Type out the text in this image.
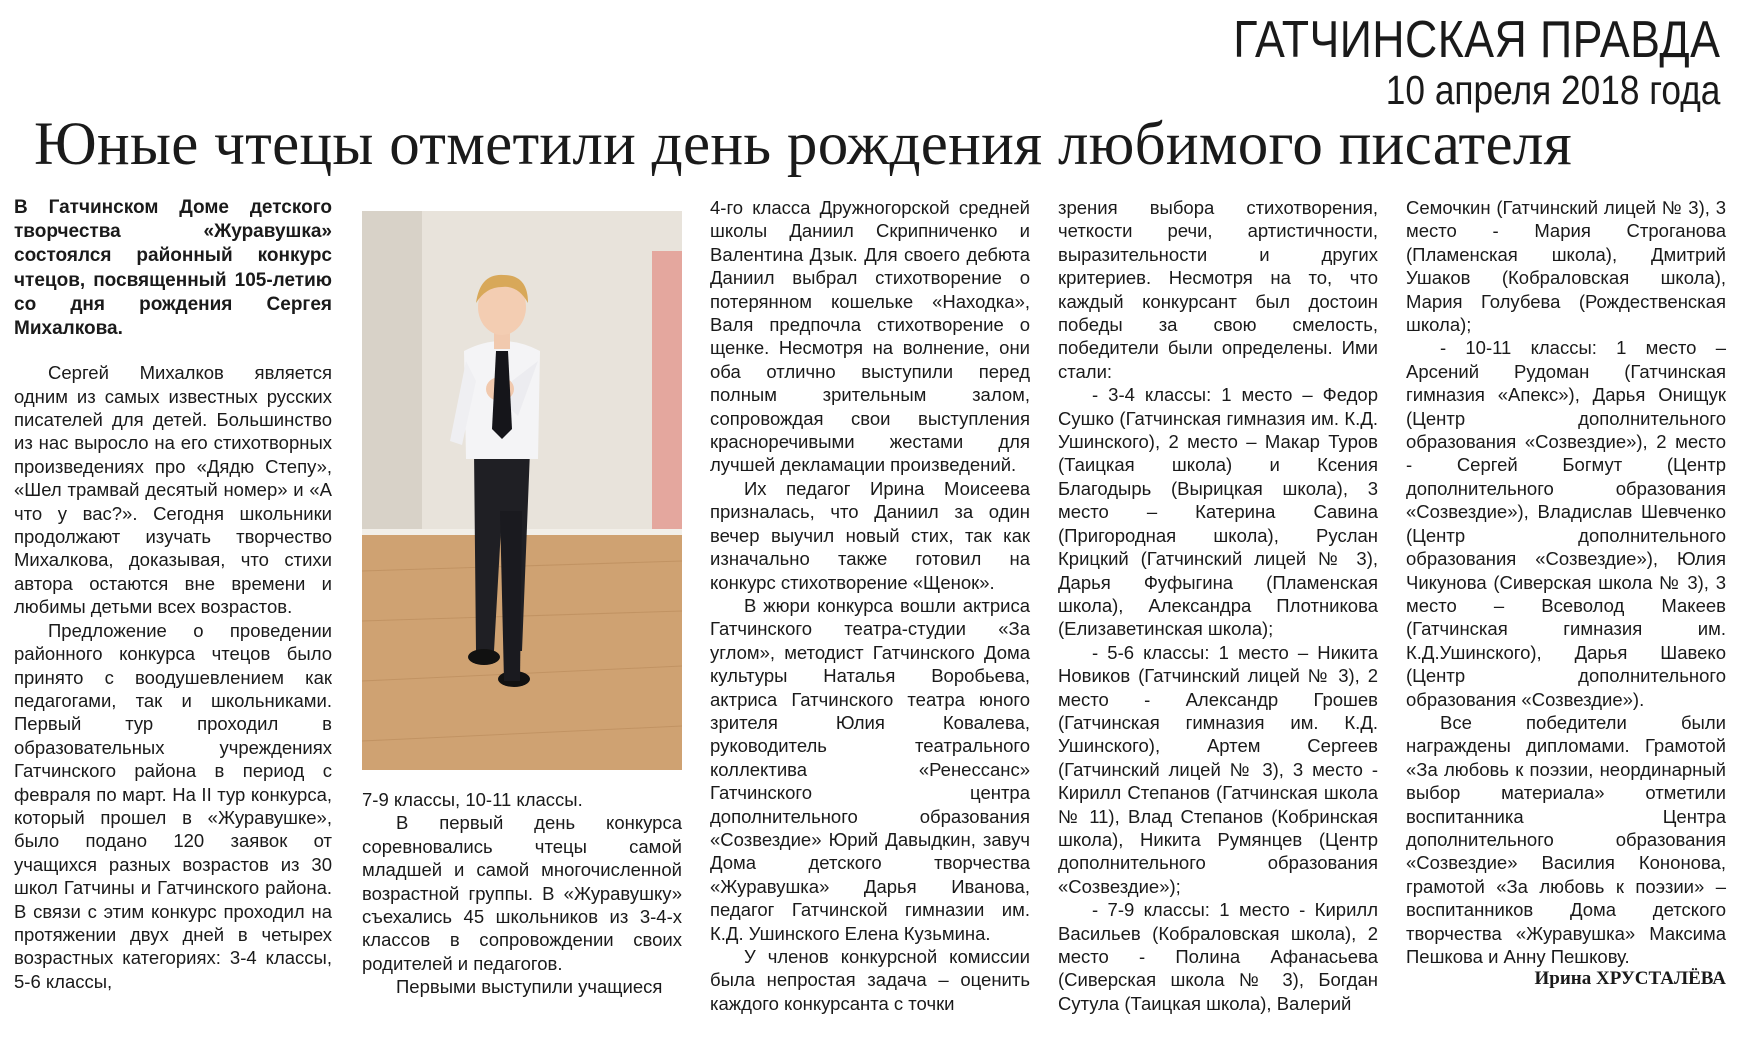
ГАТЧИНСКАЯ ПРАВДА
10 апреля 2018 года
Юные чтецы отметили день рождения любимого писателя

В Гатчинском Доме детского творчества «Журавушка» состоялся районный конкурс чтецов, посвященный 105-летию со дня рождения Сергея Михалкова.

Сергей Михалков является одним из самых известных русских писателей для детей. Большинство из нас выросло на его стихотворных произведениях про «Дядю Степу», «Шел трамвай десятый номер» и «А что у вас?». Сегодня школьники продолжают изучать творчество Михалкова, доказывая, что стихи автора остаются вне времени и любимы детьми всех возрастов.

Предложение о проведении районного конкурса чтецов было принято с воодушевлением как педагогами, так и школьниками. Первый тур проходил в образовательных учреждениях Гатчинского района в период с февраля по март. На II тур конкурса, который прошел в «Журавушке», было подано 120 заявок от учащихся разных возрастов из 30 школ Гатчины и Гатчинского района. В связи с этим конкурс проходил на протяжении двух дней в четырех возрастных категориях: 3-4 классы, 5-6 классы,

7-9 классы, 10-11 классы.

В первый день конкурса соревновались чтецы самой младшей и самой многочисленной возрастной группы. В «Журавушку» съехались 45 школьников из 3-4-х классов в сопровождении своих родителей и педагогов.

Первыми выступили учащиеся

4-го класса Дружногорской средней школы Даниил Скрипниченко и Валентина Дзык. Для своего дебюта Даниил выбрал стихотворение о потерянном кошельке «Находка», Валя предпочла стихотворение о щенке. Несмотря на волнение, они оба отлично выступили перед полным зрительным залом, сопровождая свои выступления красноречивыми жестами для лучшей декламации произведений.

Их педагог Ирина Моисеева призналась, что Даниил за один вечер выучил новый стих, так как изначально также готовил на конкурс стихотворение «Щенок».

В жюри конкурса вошли актриса Гатчинского театра-студии «За углом», методист Гатчинского Дома культуры Наталья Воробьева, актриса Гатчинского театра юного зрителя Юлия Ковалева, руководитель театрального коллектива «Ренессанс» Гатчинского центра дополнительного образования «Созвездие» Юрий Давыдкин, завуч Дома детского творчества «Журавушка» Дарья Иванова, педагог Гатчинской гимназии им. К.Д. Ушинского Елена Кузьмина.

У членов конкурсной комиссии была непростая задача – оценить каждого конкурсанта с точки

зрения выбора стихотворения, четкости речи, артистичности, выразительности и других критериев. Несмотря на то, что каждый конкурсант был достоин победы за свою смелость, победители были определены. Ими стали:

- 3-4 классы: 1 место – Федор Сушко (Гатчинская гимназия им. К.Д. Ушинского), 2 место – Макар Туров (Таицкая школа) и Ксения Благодырь (Вырицкая школа), 3 место – Катерина Савина (Пригородная школа), Руслан Крицкий (Гатчинский лицей № 3), Дарья Фуфыгина (Пламенская школа), Александра Плотникова (Елизаветинская школа);

- 5-6 классы: 1 место – Никита Новиков (Гатчинский лицей № 3), 2 место - Александр Грошев (Гатчинская гимназия им. К.Д. Ушинского), Артем Сергеев (Гатчинский лицей № 3), 3 место - Кирилл Степанов (Гатчинская школа № 11), Влад Степанов (Кобринская школа), Никита Румянцев (Центр дополнительного образования «Созвездие»);

- 7-9 классы: 1 место - Кирилл Васильев (Кобраловская школа), 2 место - Полина Афанасьева (Сиверская школа № 3), Богдан Сутула (Таицкая школа), Валерий

Семочкин (Гатчинский лицей № 3), 3 место - Мария Строганова (Пламенская школа), Дмитрий Ушаков (Кобраловская школа), Мария Голубева (Рождественская школа);

- 10-11 классы: 1 место – Арсений Рудоман (Гатчинская гимназия «Апекс»), Дарья Онищук (Центр дополнительного образования «Созвездие»), 2 место - Сергей Богмут (Центр дополнительного образования «Созвездие»), Владислав Шевченко (Центр дополнительного образования «Созвездие»), Юлия Чикунова (Сиверская школа № 3), 3 место – Всеволод Макеев (Гатчинская гимназия им. К.Д.Ушинского), Дарья Шавеко (Центр дополнительного образования «Созвездие»).

Все победители были награждены дипломами. Грамотой «За любовь к поэзии, неординарный выбор материала» отметили воспитанника Центра дополнительного образования «Созвездие» Василия Кононова, грамотой «За любовь к поэзии» – воспитанников Дома детского творчества «Журавушка» Максима Пешкова и Анну Пешкову.

Ирина ХРУСТАЛЁВА
